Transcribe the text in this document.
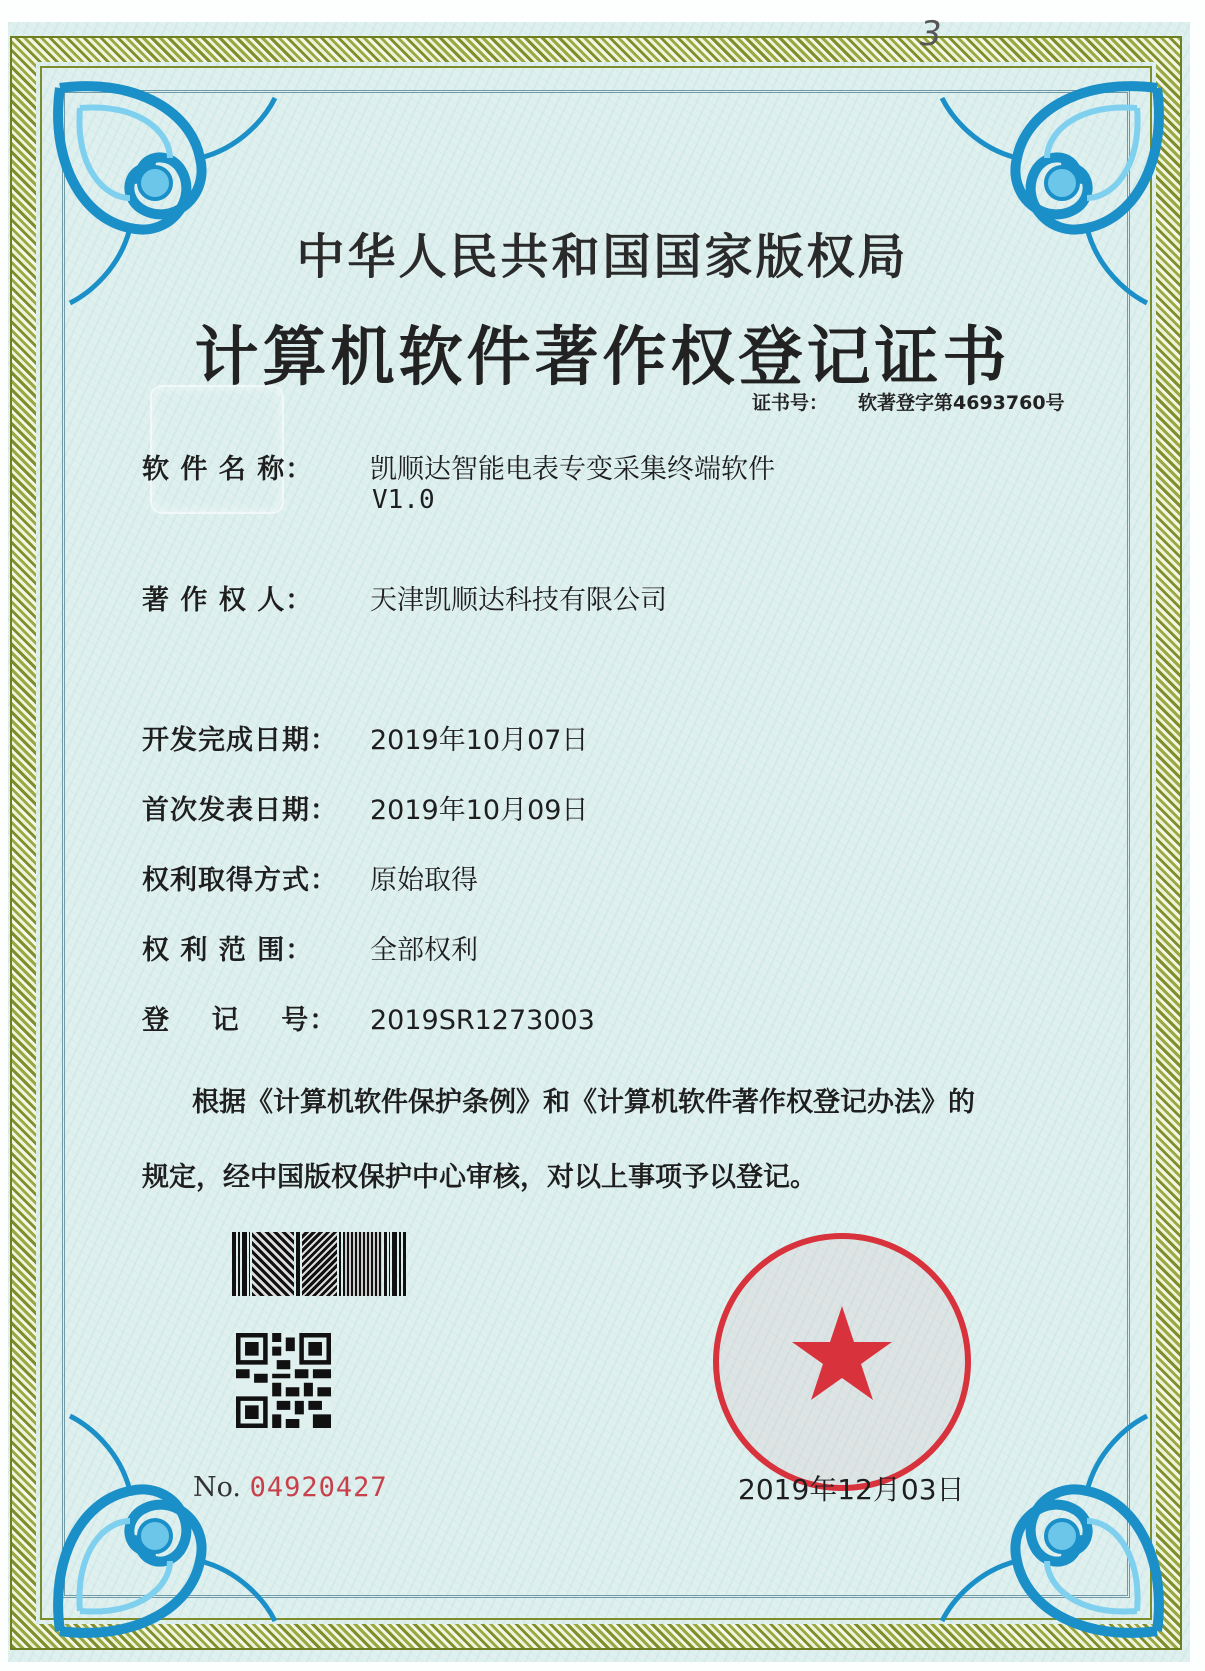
3
中华人民共和国国家版权局
计算机软件著作权登记证书
证书号： 软著登字第4693760号
软 件 名 称： 凯顺达智能电表专变采集终端软件
V1.0
著 作 权 人： 天津凯顺达科技有限公司
开发完成日期： 2019年10月07日
首次发表日期： 2019年10月09日
权利取得方式： 原始取得
权 利 范 围： 全部权利
登    记    号： 2019SR1273003
根据《计算机软件保护条例》和《计算机软件著作权登记办法》的
规定，经中国版权保护中心审核，对以上事项予以登记。
No. 04920427	2019年12月03日
